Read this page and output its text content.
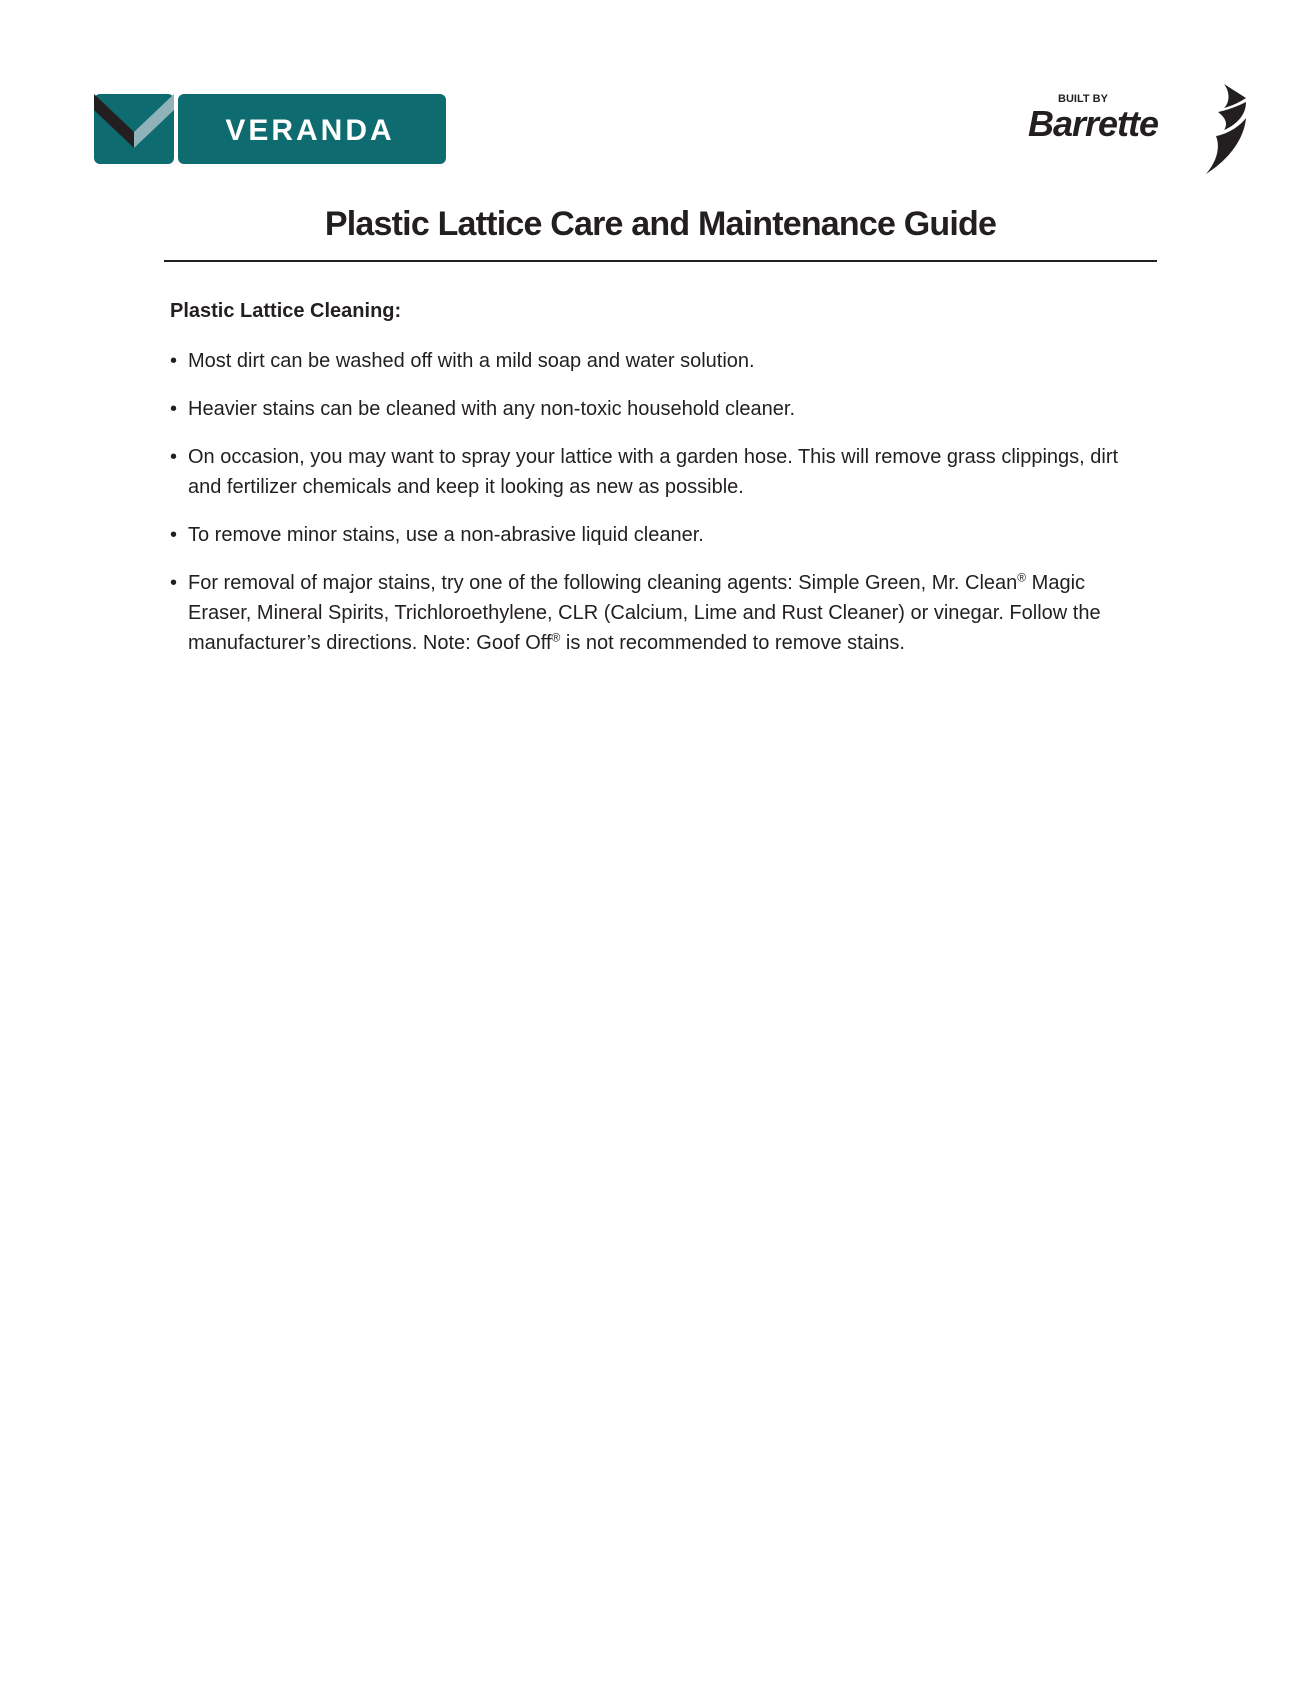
VERANDA
BUILT BY
Barrette
Plastic Lattice Care and Maintenance Guide
Plastic Lattice Cleaning:
• Most dirt can be washed off with a mild soap and water solution.
• Heavier stains can be cleaned with any non-toxic household cleaner.
• On occasion, you may want to spray your lattice with a garden hose. This will remove grass clippings, dirt and fertilizer chemicals and keep it looking as new as possible.
• To remove minor stains, use a non-abrasive liquid cleaner.
• For removal of major stains, try one of the following cleaning agents: Simple Green, Mr. Clean® Magic Eraser, Mineral Spirits, Trichloroethylene, CLR (Calcium, Lime and Rust Cleaner) or vinegar. Follow the manufacturer’s directions. Note: Goof Off® is not recommended to remove stains.
